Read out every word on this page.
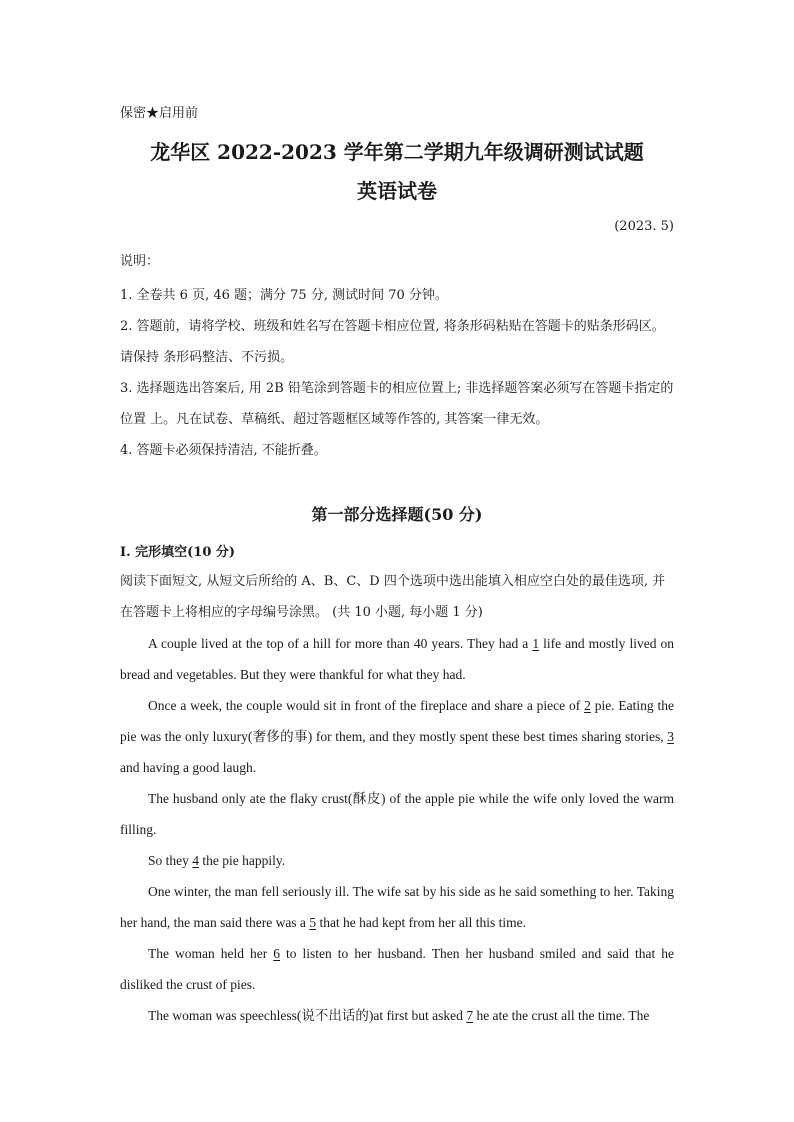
保密★启用前
龙华区 2022-2023 学年第二学期九年级调研测试试题
英语试卷
(2023. 5)
说明：

1. 全卷共 6 页, 46 题；满分 75 分, 测试时间 70 分钟。

2. 答题前，请将学校、班级和姓名写在答题卡相应位置, 将条形码粘贴在答题卡的贴条形码区。请保持 条形码整洁、不污损。

3. 选择题选出答案后, 用 2B 铅笔涂到答题卡的相应位置上; 非选择题答案必须写在答题卡指定的位置 上。凡在试卷、草稿纸、超过答题框区域等作答的, 其答案一律无效。

4. 答题卡必须保持清洁, 不能折叠。

第一部分选择题(50 分)
I. 完形填空(10 分)

阅读下面短文, 从短文后所给的 A、B、C、D 四个选项中选出能填入相应空白处的最佳选项, 并在答题卡上将相应的字母编号涂黑。 (共 10 小题, 每小题 1 分)

A couple lived at the top of a hill for more than 40 years. They had a 1 life and mostly lived on bread and vegetables. But they were thankful for what they had.

Once a week, the couple would sit in front of the fireplace and share a piece of 2 pie. Eating the pie was the only luxury(奢侈的事) for them, and they mostly spent these best times sharing stories, 3 and having a good laugh.

The husband only ate the flaky crust(酥皮) of the apple pie while the wife only loved the warm filling.

So they 4 the pie happily.

One winter, the man fell seriously ill. The wife sat by his side as he said something to her. Taking her hand, the man said there was a 5 that he had kept from her all this time.

The woman held her 6 to listen to her husband. Then her husband smiled and said that he disliked the crust of pies.

The woman was speechless(说不出话的)at first but asked 7 he ate the crust all the time. The
